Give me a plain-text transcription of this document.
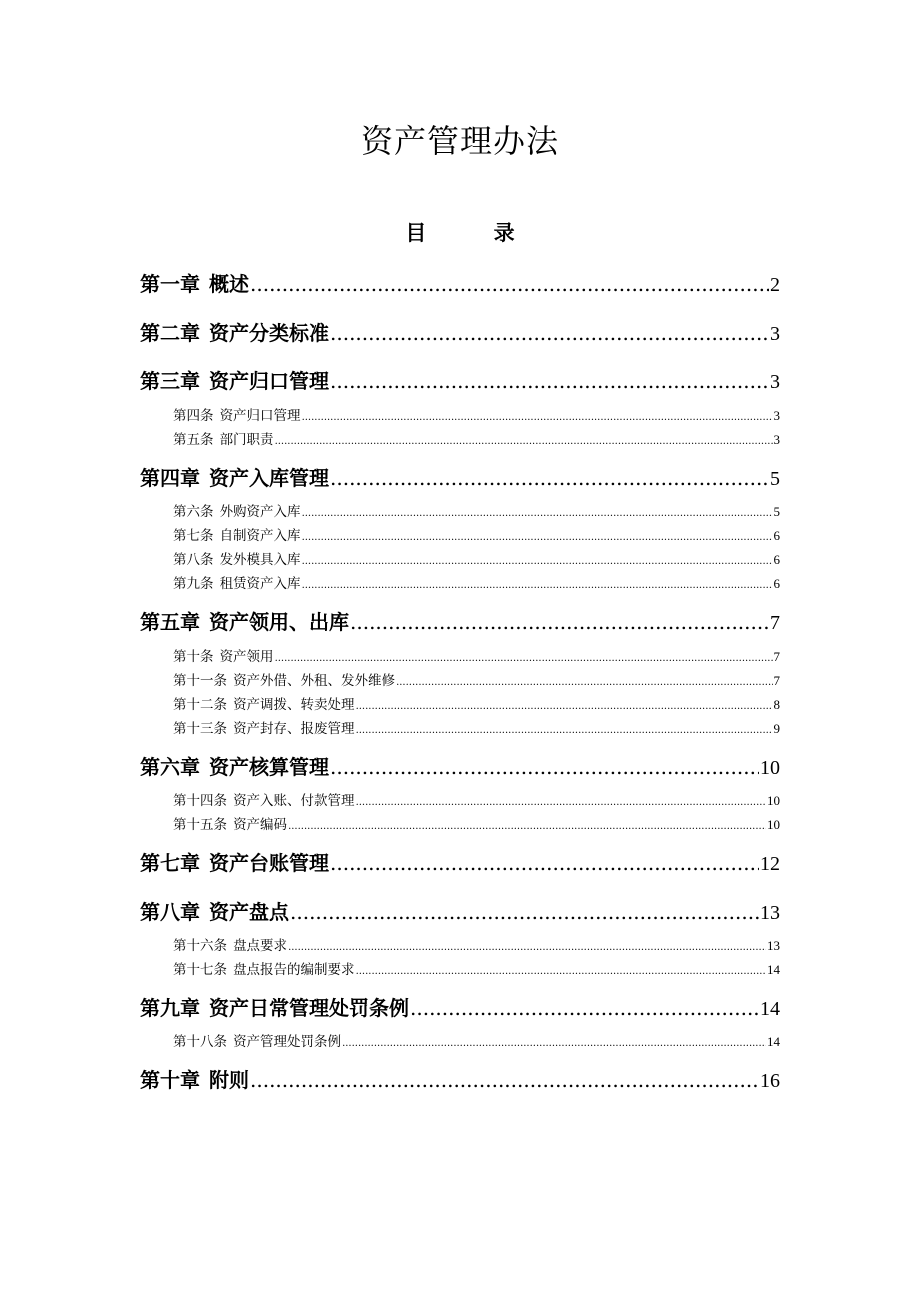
资产管理办法
目 录
第一章 概述 .....	2
第二章 资产分类标准 .....	3
第三章 资产归口管理 .....	3
第四条 资产归口管理 .....	3
第五条 部门职责 .....	3
第四章 资产入库管理 .....	5
第六条 外购资产入库 .....	5
第七条 自制资产入库 .....	6
第八条 发外模具入库 .....	6
第九条 租赁资产入库 .....	6
第五章 资产领用、出库 .....	7
第十条 资产领用 .....	7
第十一条 资产外借、外租、发外维修 .....	7
第十二条 资产调拨、转卖处理 .....	8
第十三条 资产封存、报废管理 .....	9
第六章 资产核算管理 .....	10
第十四条 资产入账、付款管理 .....	10
第十五条 资产编码 .....	10
第七章 资产台账管理 .....	12
第八章 资产盘点 .....	13
第十六条 盘点要求 .....	13
第十七条 盘点报告的编制要求 .....	14
第九章 资产日常管理处罚条例 .....	14
第十八条 资产管理处罚条例 .....	14
第十章 附则 .....	16
